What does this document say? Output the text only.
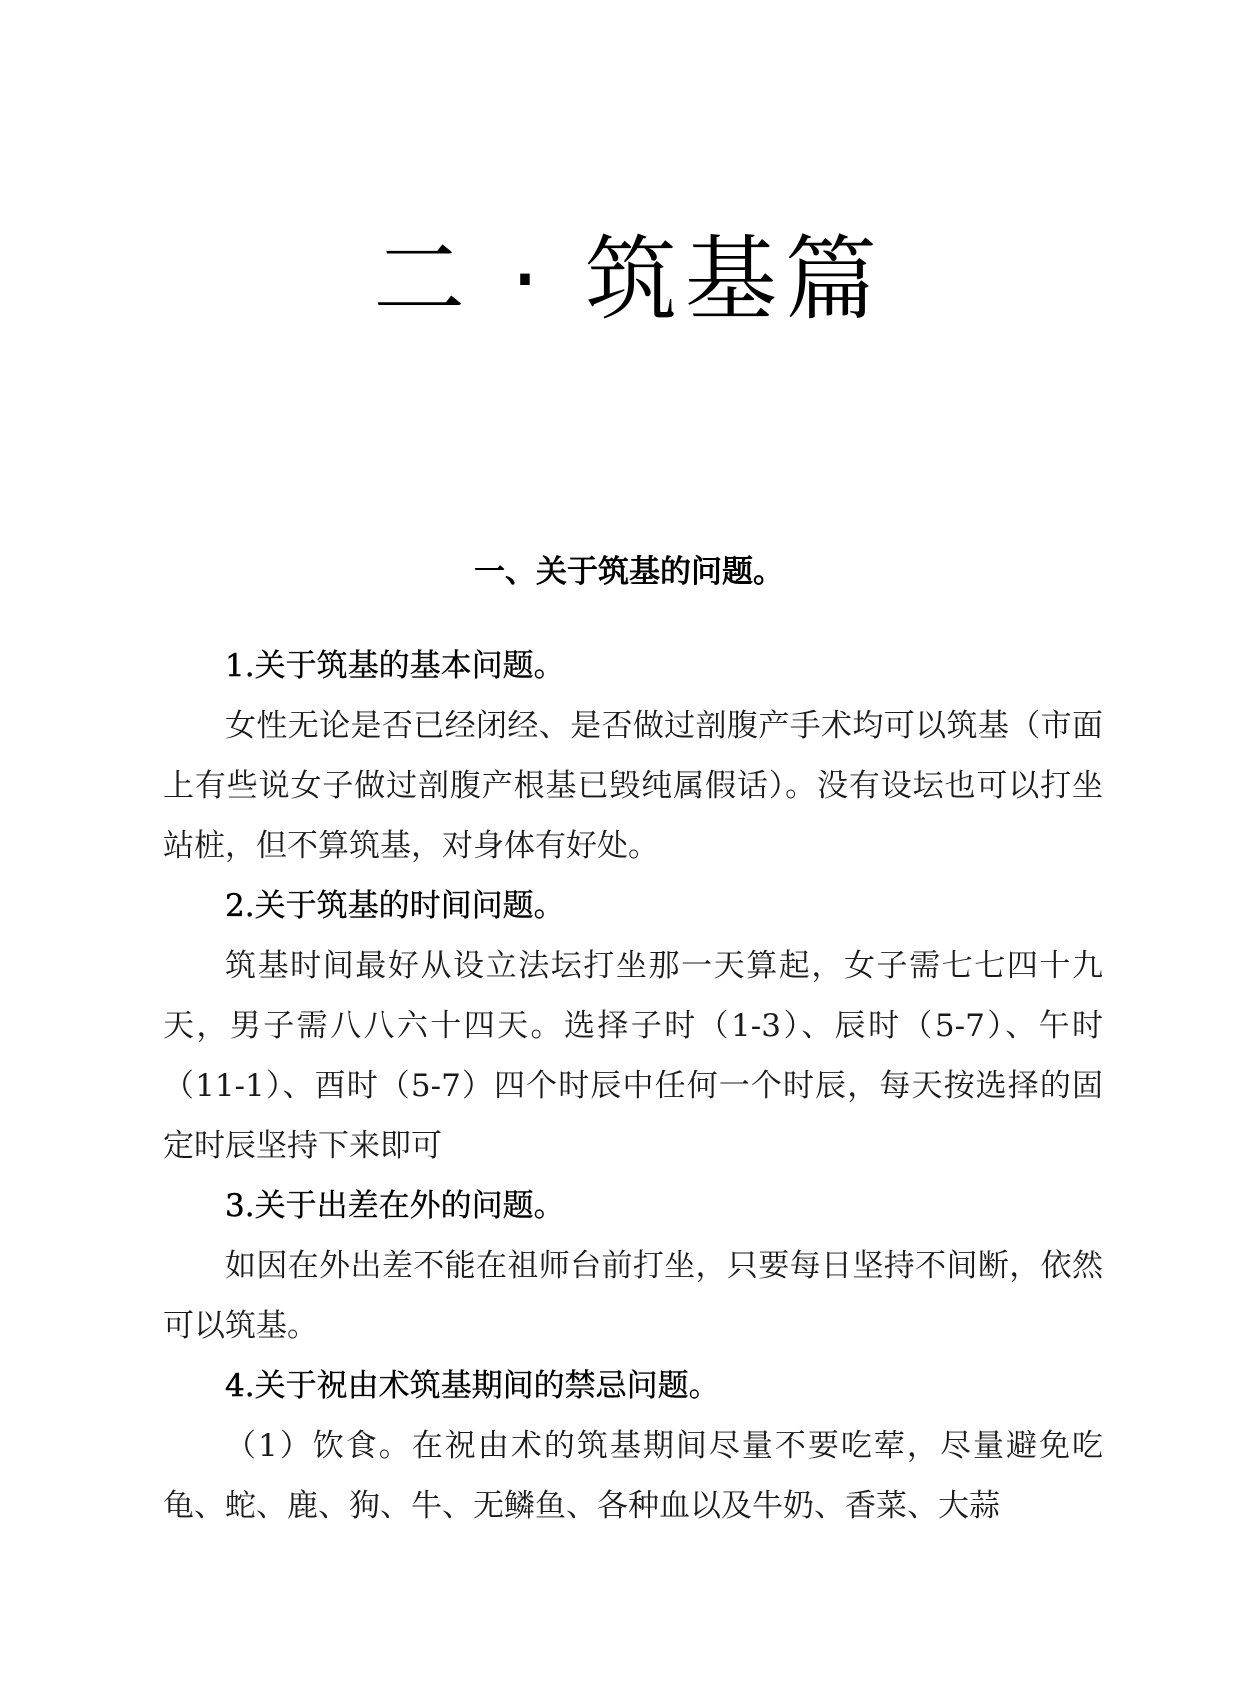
二 · 筑基篇
一、关于筑基的问题。
1.关于筑基的基本问题。

女性无论是否已经闭经、是否做过剖腹产手术均可以筑基（市面上有些说女子做过剖腹产根基已毁纯属假话）。没有设坛也可以打坐站桩，但不算筑基，对身体有好处。

2.关于筑基的时间问题。

筑基时间最好从设立法坛打坐那一天算起，女子需七七四十九天，男子需八八六十四天。选择子时（1-3）、辰时（5-7）、午时（11-1）、酉时（5-7）四个时辰中任何一个时辰，每天按选择的固定时辰坚持下来即可

3.关于出差在外的问题。

如因在外出差不能在祖师台前打坐，只要每日坚持不间断，依然可以筑基。

4.关于祝由术筑基期间的禁忌问题。

（1）饮食。在祝由术的筑基期间尽量不要吃荤，尽量避免吃龟、蛇、鹿、狗、牛、无鳞鱼、各种血以及牛奶、香菜、大蒜
